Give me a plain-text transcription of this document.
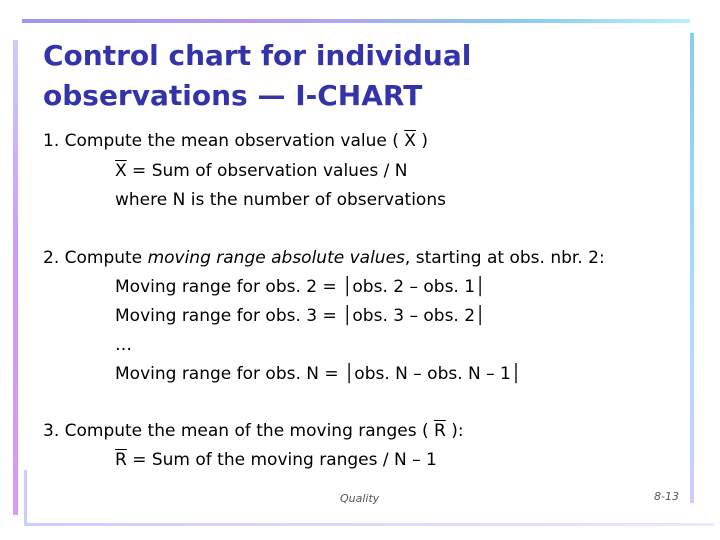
Control chart for individual
observations — I-CHART
1. Compute the mean observation value ( $\overline{X}$ )
$\overline{X}$ = Sum of observation values / N
where N is the number of observations
2. Compute moving range absolute values, starting at obs. nbr. 2:
Moving range for obs. 2 = │obs. 2 – obs. 1│
Moving range for obs. 3 = │obs. 3 – obs. 2│
…
Moving range for obs. N = │obs. N – obs. N – 1│
3. Compute the mean of the moving ranges ( $\overline{R}$ ):
$\overline{R}$ = Sum of the moving ranges / N – 1
Quality	8-13
